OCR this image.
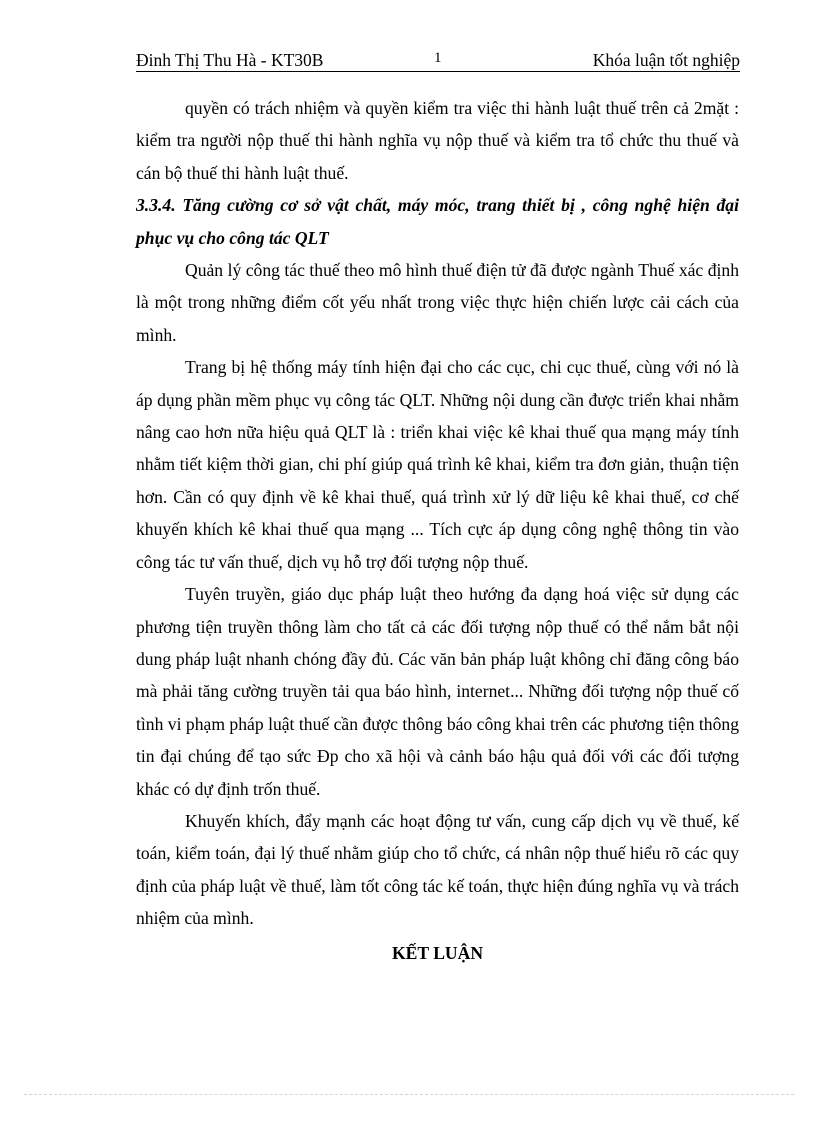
Đinh Thị Thu Hà - KT30B	1	Khóa luận tốt nghiệp

quyền có trách nhiệm và quyền kiểm tra việc thi hành luật thuế trên cả 2mặt : kiểm tra người nộp thuế thi hành nghĩa vụ nộp thuế và kiểm tra tổ chức thu thuế và cán bộ thuế thi hành luật thuế.

3.3.4. Tăng cường cơ sở vật chất, máy móc, trang thiết bị , công nghệ hiện đại phục vụ cho công tác QLT

Quản lý công tác thuế theo mô hình thuế điện tử đã được ngành Thuế xác định là một trong những điểm cốt yếu nhất trong việc thực hiện chiến lược cải cách của mình.

Trang bị hệ thống máy tính hiện đại cho các cục, chi cục thuế, cùng với nó là áp dụng phần mềm phục vụ công tác QLT. Những nội dung cần được triển khai nhằm nâng cao hơn nữa hiệu quả QLT là : triển khai việc kê khai thuế qua mạng máy tính nhằm tiết kiệm thời gian, chi phí giúp quá trình kê khai, kiểm tra đơn giản, thuận tiện hơn. Cần có quy định về kê khai thuế, quá trình xử lý dữ liệu kê khai thuế, cơ chế khuyến khích kê khai thuế qua mạng ... Tích cực áp dụng công nghệ thông tin vào công tác tư vấn thuế, dịch vụ hỗ trợ đối tượng nộp thuế.

Tuyên truyền, giáo dục pháp luật theo hướng đa dạng hoá việc sử dụng các phương tiện truyền thông làm cho tất cả các đối tượng nộp thuế có thể nắm bắt nội dung pháp luật nhanh chóng đầy đủ. Các văn bản pháp luật không chỉ đăng công báo mà phải tăng cường truyền tải qua báo hình, internet... Những đối tượng nộp thuế cố tình vi phạm pháp luật thuế cần được thông báo công khai trên các phương tiện thông tin đại chúng để tạo sức Đp cho xã hội và cảnh báo hậu quả đối với các đối tượng khác có dự định trốn thuế.

Khuyến khích, đẩy mạnh các hoạt động tư vấn, cung cấp dịch vụ về thuế, kế toán, kiểm toán, đại lý thuế nhằm giúp cho tổ chức, cá nhân nộp thuế hiểu rõ các quy định của pháp luật về thuế, làm tốt công tác kế toán, thực hiện đúng nghĩa vụ và trách nhiệm của mình.

KẾT LUẬN
